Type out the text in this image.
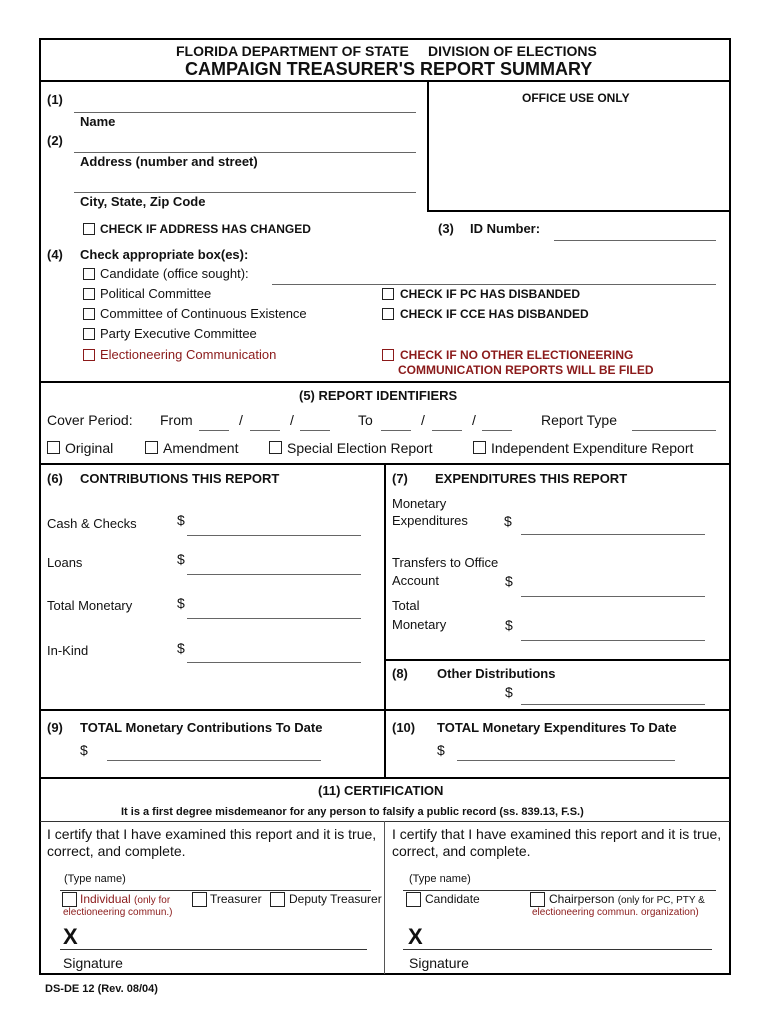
FLORIDA DEPARTMENT OF STATE DIVISION OF ELECTIONS
CAMPAIGN TREASURER'S REPORT SUMMARY
(1)
Name
(2)
Address (number and street)
City, State, Zip Code
OFFICE USE ONLY
CHECK IF ADDRESS HAS CHANGED	(3) ID Number:
(4) Check appropriate box(es):
Candidate (office sought):
Political Committee	CHECK IF PC HAS DISBANDED
Committee of Continuous Existence	CHECK IF CCE HAS DISBANDED
Party Executive Committee
Electioneering Communication	CHECK IF NO OTHER ELECTIONEERING
COMMUNICATION REPORTS WILL BE FILED
(5) REPORT IDENTIFIERS
Cover Period: From	/	/	To	/	/	Report Type
Original	Amendment	Special Election Report	Independent Expenditure Report
(6) CONTRIBUTIONS THIS REPORT
Cash & Checks	$
Loans	$
Total Monetary	$
In-Kind	$
(7) EXPENDITURES THIS REPORT
Monetary
Expenditures	$
Transfers to Office
Account	$
Total
Monetary	$
(8) Other Distributions
$
(9) TOTAL Monetary Contributions To Date
$
(10) TOTAL Monetary Expenditures To Date
$
(11) CERTIFICATION
It is a first degree misdemeanor for any person to falsify a public record (ss. 839.13, F.S.)
I certify that I have examined this report and it is true,
correct, and complete.
(Type name)
Individual (only for
electioneering commun.)
Treasurer Deputy Treasurer
X
Signature
I certify that I have examined this report and it is true,
correct, and complete.
(Type name)
Candidate	Chairperson (only for PC, PTY &
electioneering commun. organization)
X
Signature
DS-DE 12 (Rev. 08/04)
